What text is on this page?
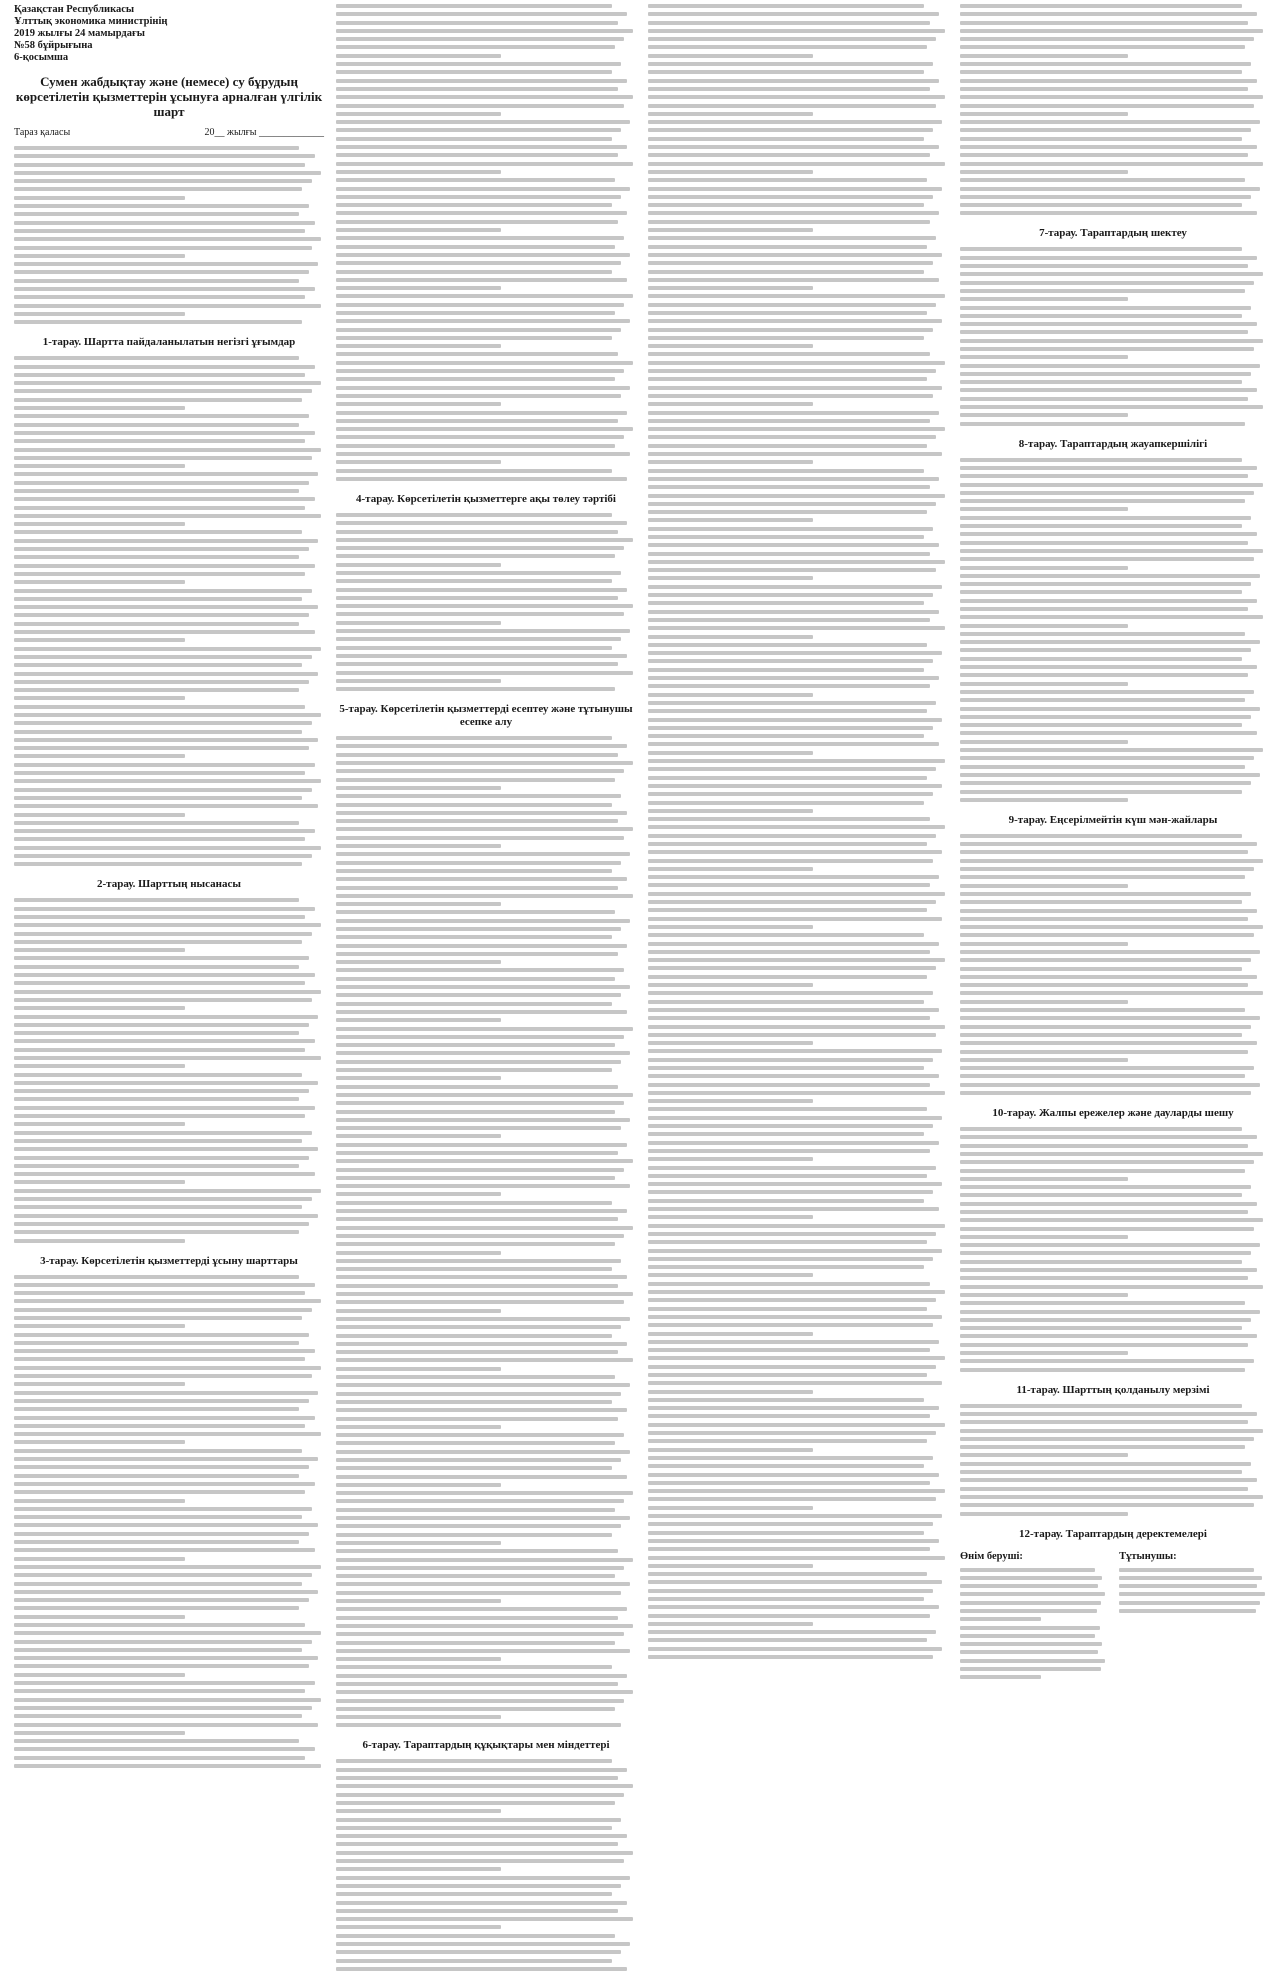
Қазақстан Республикасы
Ұлттық экономика министрінің
2019 жылғы 24 мамырдағы
№58 бұйрығына
6-қосымша
Сумен жабдықтау және (немесе) су бұрудың көрсетілетін қызметтерін ұсынуға арналған үлгілік шарт
Тараз қаласы	20__ жылғы _____________
1-тарау. Шартта пайдаланылатын негізгі ұғымдар
2-тарау. Шарттың нысанасы
3-тарау. Көрсетілетін қызметтерді ұсыну шарттары
4-тарау. Көрсетілетін қызметтерге ақы төлеу тәртібі
5-тарау. Көрсетілетін қызметтерді есептеу және тұтынушы есепке алу
6-тарау. Тараптардың құқықтары мен міндеттері
7-тарау. Тараптардың шектеу
8-тарау. Тараптардың жауапкершілігі
9-тарау. Еңсерілмейтін күш мән-жайлары
10-тарау. Жалпы ережелер және дауларды шешу
11-тарау. Шарттың қолданылу мерзімі
12-тарау. Тараптардың деректемелері
Өнім беруші:	Тұтынушы:
